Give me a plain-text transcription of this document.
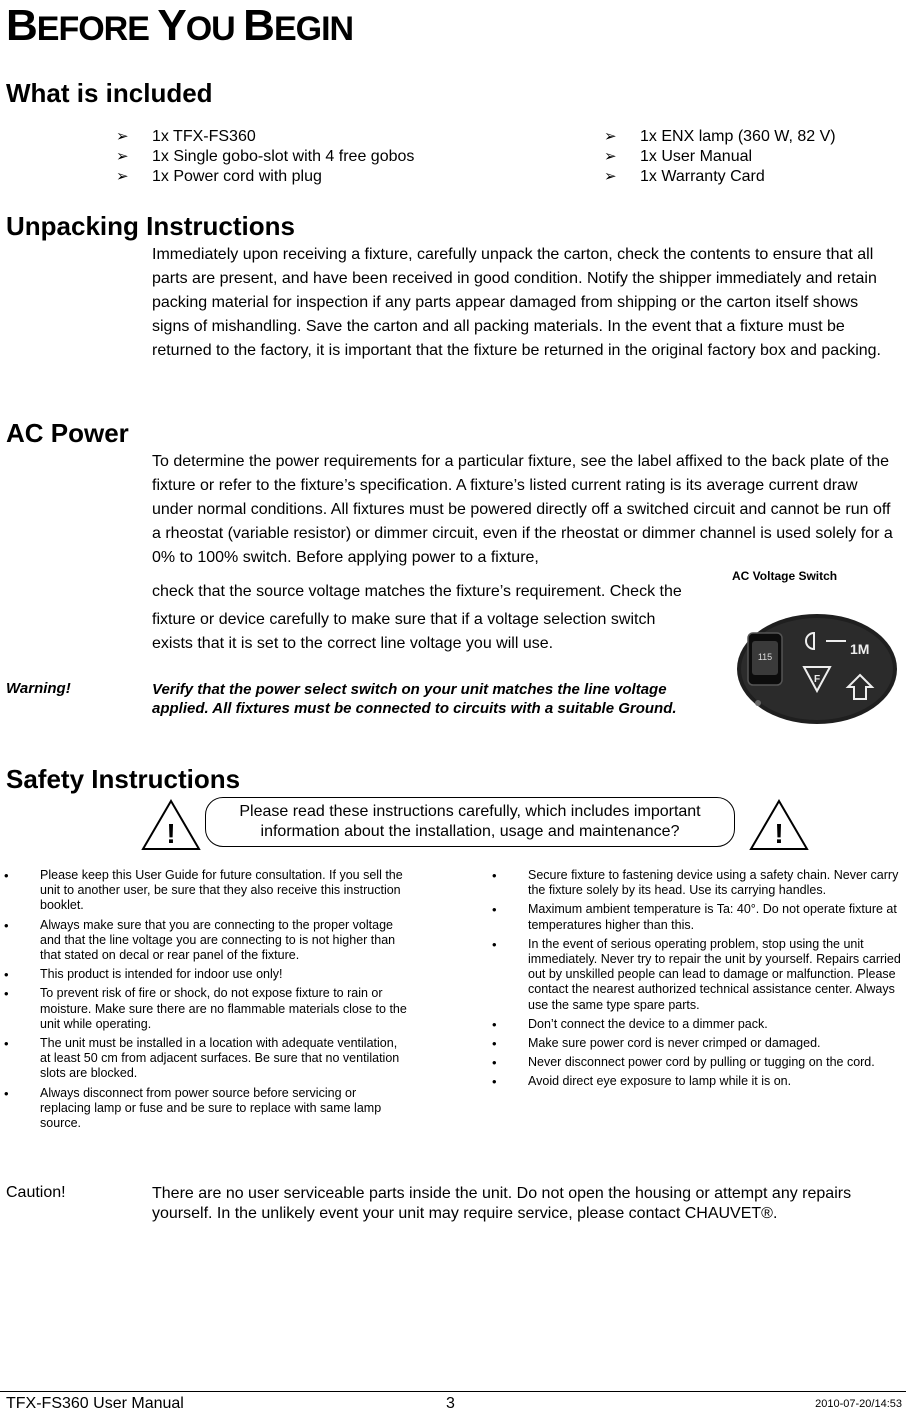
BEFORE YOU BEGIN
What is included
➢ 1x TFX-FS360
➢ 1x Single gobo-slot with 4 free gobos
➢ 1x Power cord with plug
➢ 1x ENX lamp (360 W, 82 V)
➢ 1x User Manual
➢ 1x Warranty Card
Unpacking Instructions
Immediately upon receiving a fixture, carefully unpack the carton, check the contents to ensure that all parts are present, and have been received in good condition. Notify the shipper immediately and retain packing material for inspection if any parts appear damaged from shipping or the carton itself shows signs of mishandling. Save the carton and all packing materials. In the event that a fixture must be returned to the factory, it is important that the fixture be returned in the original factory box and packing.
AC Power
To determine the power requirements for a particular fixture, see the label affixed to the back plate of the fixture or refer to the fixture’s specification. A fixture’s listed current rating is its average current draw under normal conditions. All fixtures must be powered directly off a switched circuit and cannot be run off a rheostat (variable resistor) or dimmer circuit, even if the rheostat or dimmer channel is used solely for a 0% to 100% switch. Before applying power to a fixture,
check that the source voltage matches the fixture’s requirement. Check the
fixture or device carefully to make sure that if a voltage selection switch exists that it is set to the correct line voltage you will use.
AC Voltage Switch
115	1M
F
Warning!	Verify that the power select switch on your unit matches the line voltage applied. All fixtures must be connected to circuits with a suitable Ground.
Safety Instructions
!
Please read these instructions carefully, which includes important information about the installation, usage and maintenance?	!
• Please keep this User Guide for future consultation. If you sell the unit to another user, be sure that they also receive this instruction booklet.
• Always make sure that you are connecting to the proper voltage and that the line voltage you are connecting to is not higher than that stated on decal or rear panel of the fixture.
• This product is intended for indoor use only!
• To prevent risk of fire or shock, do not expose fixture to rain or moisture. Make sure there are no flammable materials close to the unit while operating.
• The unit must be installed in a location with adequate ventilation, at least 50 cm from adjacent surfaces. Be sure that no ventilation slots are blocked.
• Always disconnect from power source before servicing or replacing lamp or fuse and be sure to replace with same lamp source.
• Secure fixture to fastening device using a safety chain. Never carry the fixture solely by its head. Use its carrying handles.
• Maximum ambient temperature is Ta: 40°. Do not operate fixture at temperatures higher than this.
• In the event of serious operating problem, stop using the unit immediately. Never try to repair the unit by yourself. Repairs carried out by unskilled people can lead to damage or malfunction. Please contact the nearest authorized technical assistance center. Always use the same type spare parts.
• Don’t connect the device to a dimmer pack.
• Make sure power cord is never crimped or damaged.
• Never disconnect power cord by pulling or tugging on the cord.
• Avoid direct eye exposure to lamp while it is on.
Caution!	There are no user serviceable parts inside the unit. Do not open the housing or attempt any repairs yourself. In the unlikely event your unit may require service, please contact CHAUVET®.
TFX-FS360 User Manual	3	2010-07-20/14:53
